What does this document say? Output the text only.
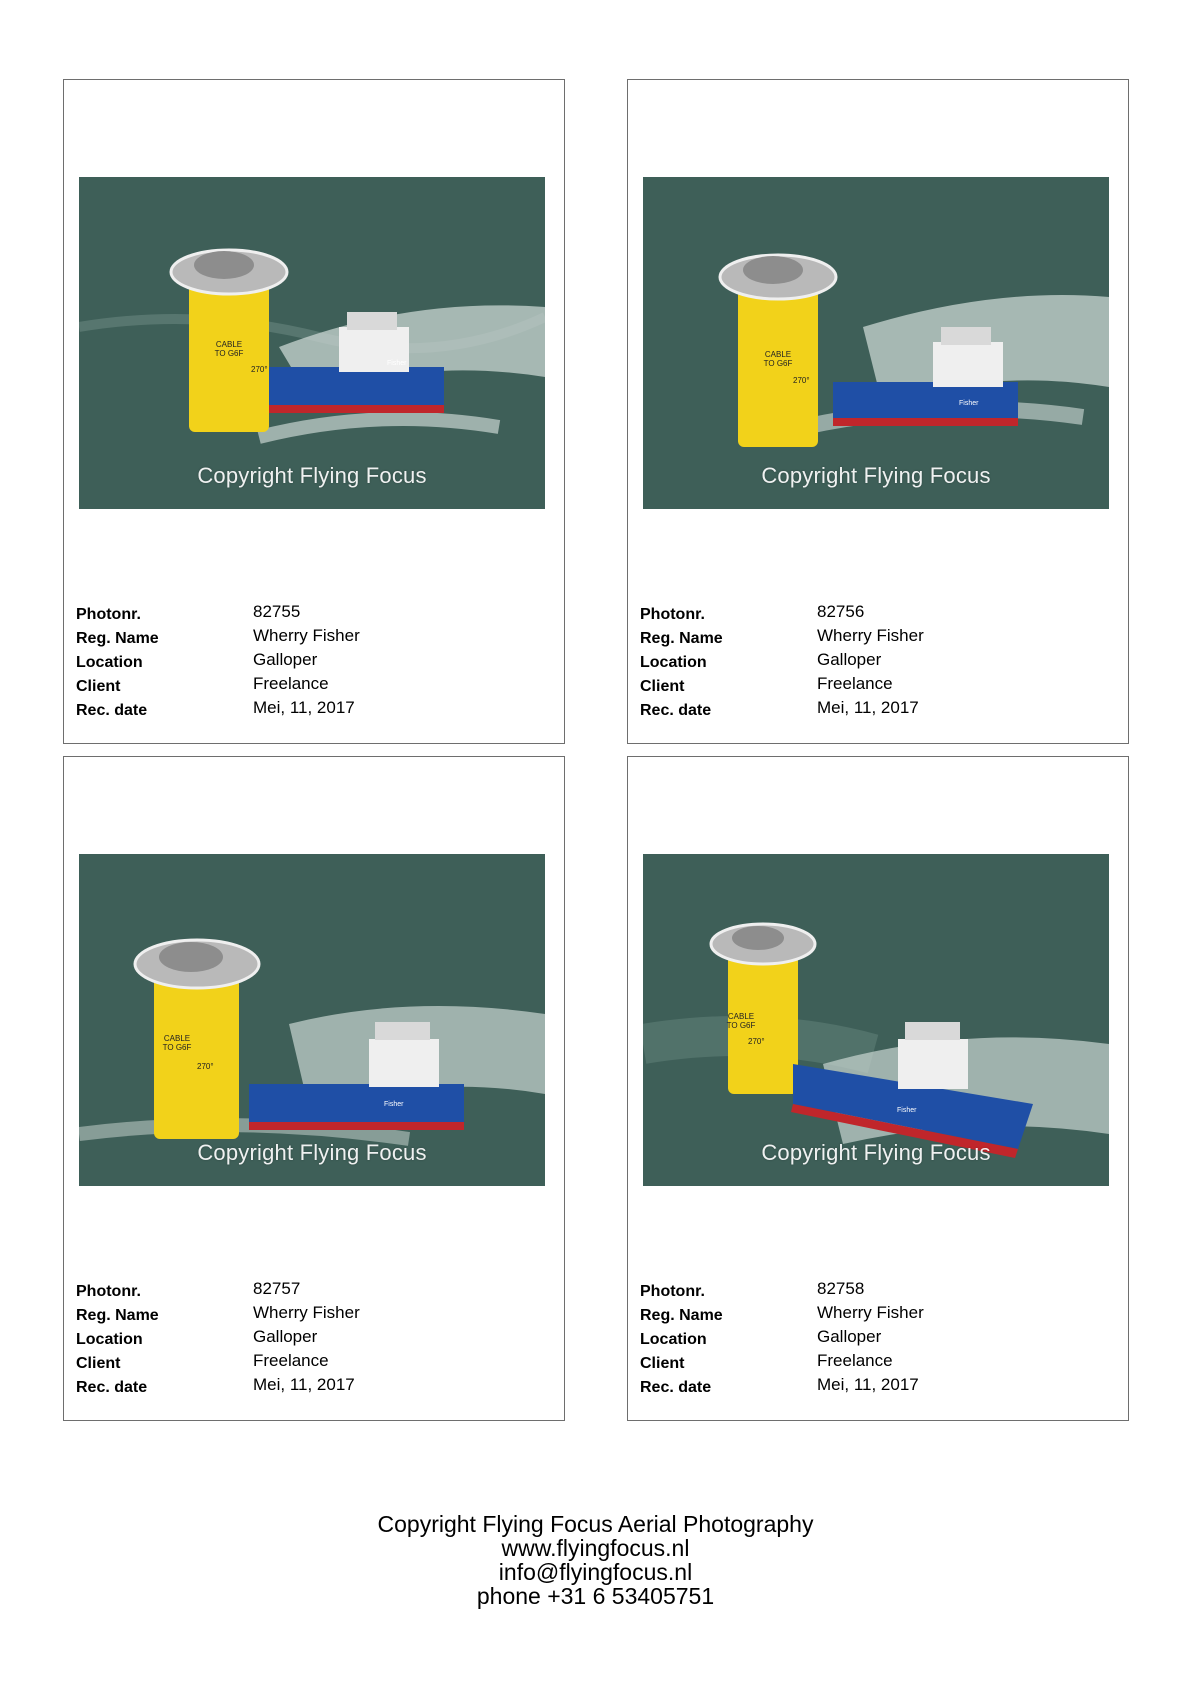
CABLE
TO G6F
270°
Fisher
Copyright Flying Focus
Photonr.	82755
Reg. Name	Wherry Fisher
Location	Galloper
Client	Freelance
Rec. date	Mei, 11, 2017
CABLE
TO G6F
270°
Fisher
Copyright Flying Focus
Photonr.	82756
Reg. Name	Wherry Fisher
Location	Galloper
Client	Freelance
Rec. date	Mei, 11, 2017
CABLE
TO G6F
270°
Fisher
Copyright Flying Focus
Photonr.	82757
Reg. Name	Wherry Fisher
Location	Galloper
Client	Freelance
Rec. date	Mei, 11, 2017
CABLE
TO G6F
270°
Fisher
Copyright Flying Focus
Photonr.	82758
Reg. Name	Wherry Fisher
Location	Galloper
Client	Freelance
Rec. date	Mei, 11, 2017
Copyright Flying Focus Aerial Photography
www.flyingfocus.nl
info@flyingfocus.nl
phone +31 6 53405751
